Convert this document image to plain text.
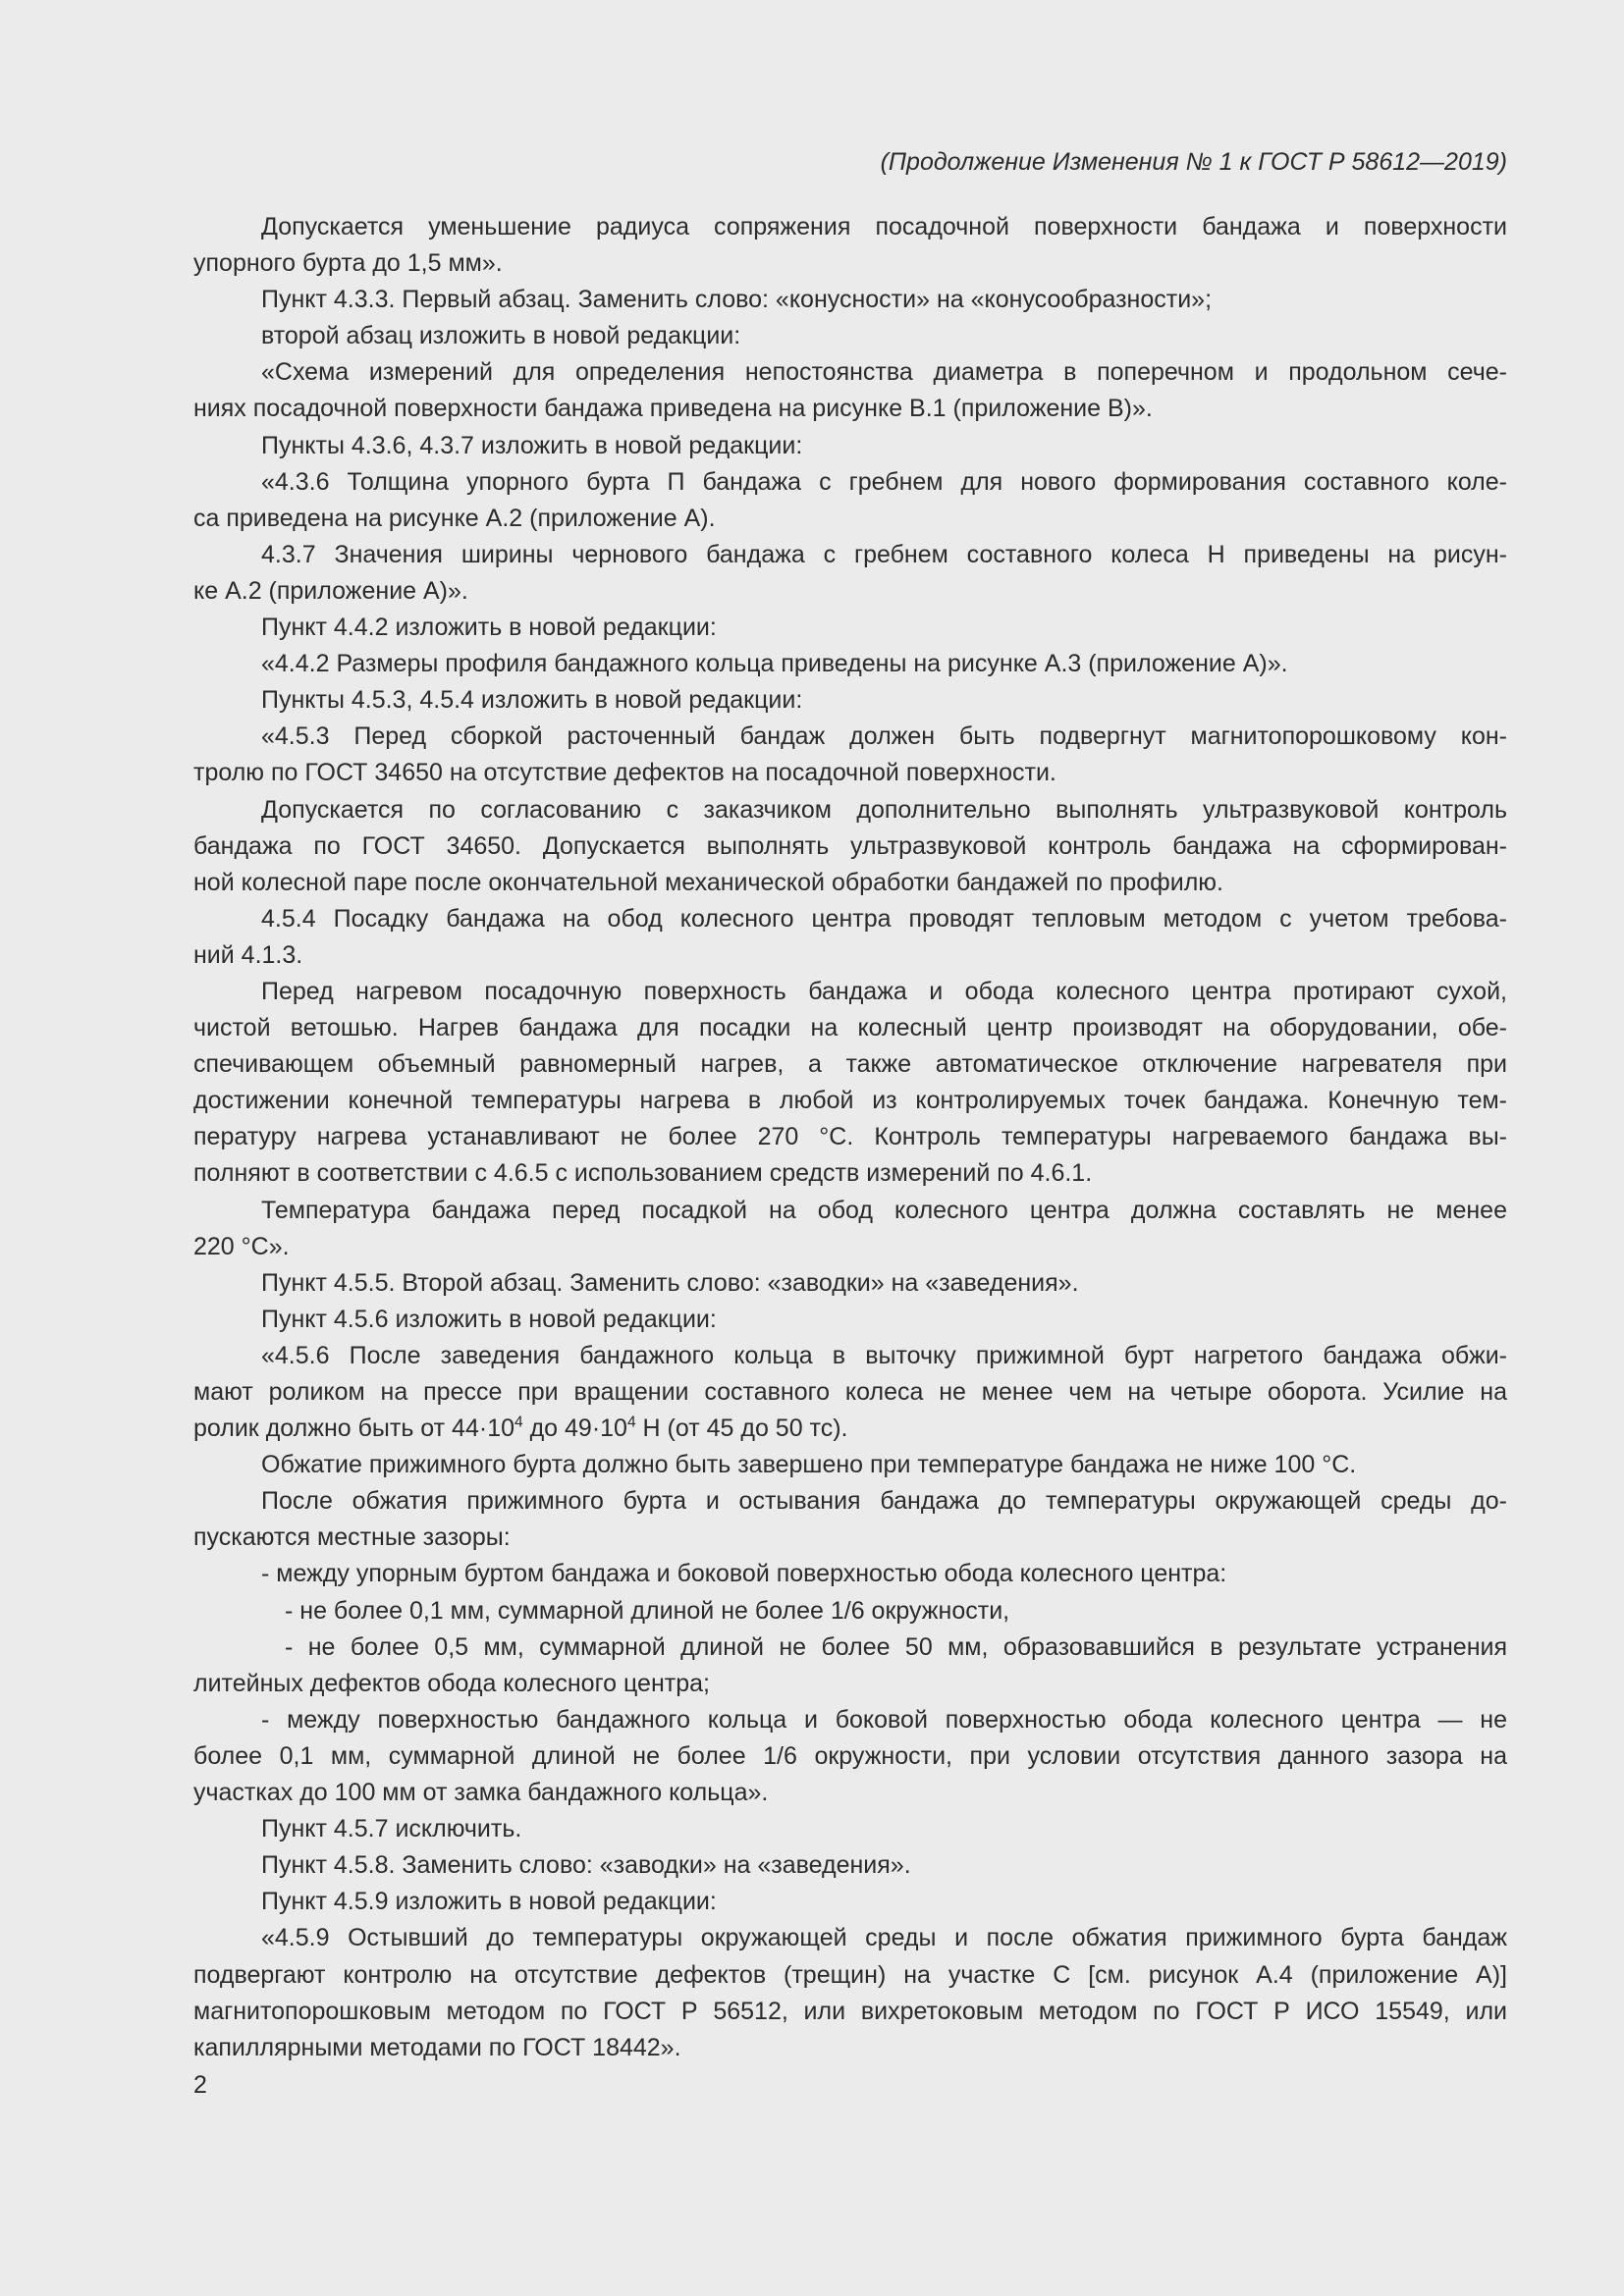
(Продолжение Изменения № 1 к ГОСТ Р 58612—2019)
Допускается уменьшение радиуса сопряжения посадочной поверхности бандажа и поверхности
упорного бурта до 1,5 мм».
Пункт 4.3.3. Первый абзац. Заменить слово: «конусности» на «конусообразности»;
второй абзац изложить в новой редакции:
«Схема измерений для определения непостоянства диаметра в поперечном и продольном сече-
ниях посадочной поверхности бандажа приведена на рисунке В.1 (приложение В)».
Пункты 4.3.6, 4.3.7 изложить в новой редакции:
«4.3.6 Толщина упорного бурта П бандажа с гребнем для нового формирования составного коле-
са приведена на рисунке А.2 (приложение А).
4.3.7 Значения ширины чернового бандажа с гребнем составного колеса Н приведены на рисун-
ке А.2 (приложение А)».
Пункт 4.4.2 изложить в новой редакции:
«4.4.2 Размеры профиля бандажного кольца приведены на рисунке А.3 (приложение А)».
Пункты 4.5.3, 4.5.4 изложить в новой редакции:
«4.5.3 Перед сборкой расточенный бандаж должен быть подвергнут магнитопорошковому кон-
тролю по ГОСТ 34650 на отсутствие дефектов на посадочной поверхности.
Допускается по согласованию с заказчиком дополнительно выполнять ультразвуковой контроль
бандажа по ГОСТ 34650. Допускается выполнять ультразвуковой контроль бандажа на сформирован-
ной колесной паре после окончательной механической обработки бандажей по профилю.
4.5.4 Посадку бандажа на обод колесного центра проводят тепловым методом с учетом требова-
ний 4.1.3.
Перед нагревом посадочную поверхность бандажа и обода колесного центра протирают сухой,
чистой ветошью. Нагрев бандажа для посадки на колесный центр производят на оборудовании, обе-
спечивающем объемный равномерный нагрев, а также автоматическое отключение нагревателя при
достижении конечной температуры нагрева в любой из контролируемых точек бандажа. Конечную тем-
пературу нагрева устанавливают не более 270 °С. Контроль температуры нагреваемого бандажа вы-
полняют в соответствии с 4.6.5 с использованием средств измерений по 4.6.1.
Температура бандажа перед посадкой на обод колесного центра должна составлять не менее
220 °С».
Пункт 4.5.5. Второй абзац. Заменить слово: «заводки» на «заведения».
Пункт 4.5.6 изложить в новой редакции:
«4.5.6 После заведения бандажного кольца в выточку прижимной бурт нагретого бандажа обжи-
мают роликом на прессе при вращении составного колеса не менее чем на четыре оборота. Усилие на
ролик должно быть от $44\cdot 10^4$ до $49\cdot 10^4$ Н (от 45 до 50 тс).
Обжатие прижимного бурта должно быть завершено при температуре бандажа не ниже 100 °С.
После обжатия прижимного бурта и остывания бандажа до температуры окружающей среды до-
пускаются местные зазоры:
- между упорным буртом бандажа и боковой поверхностью обода колесного центра:
- не более 0,1 мм, суммарной длиной не более 1/6 окружности,
- не более 0,5 мм, суммарной длиной не более 50 мм, образовавшийся в результате устранения
литейных дефектов обода колесного центра;
- между поверхностью бандажного кольца и боковой поверхностью обода колесного центра — не
более 0,1 мм, суммарной длиной не более 1/6 окружности, при условии отсутствия данного зазора на
участках до 100 мм от замка бандажного кольца».
Пункт 4.5.7 исключить.
Пункт 4.5.8. Заменить слово: «заводки» на «заведения».
Пункт 4.5.9 изложить в новой редакции:
«4.5.9 Остывший до температуры окружающей среды и после обжатия прижимного бурта бандаж
подвергают контролю на отсутствие дефектов (трещин) на участке С [см. рисунок А.4 (приложение А)]
магнитопорошковым методом по ГОСТ Р 56512, или вихретоковым методом по ГОСТ Р ИСО 15549, или
капиллярными методами по ГОСТ 18442».
2
